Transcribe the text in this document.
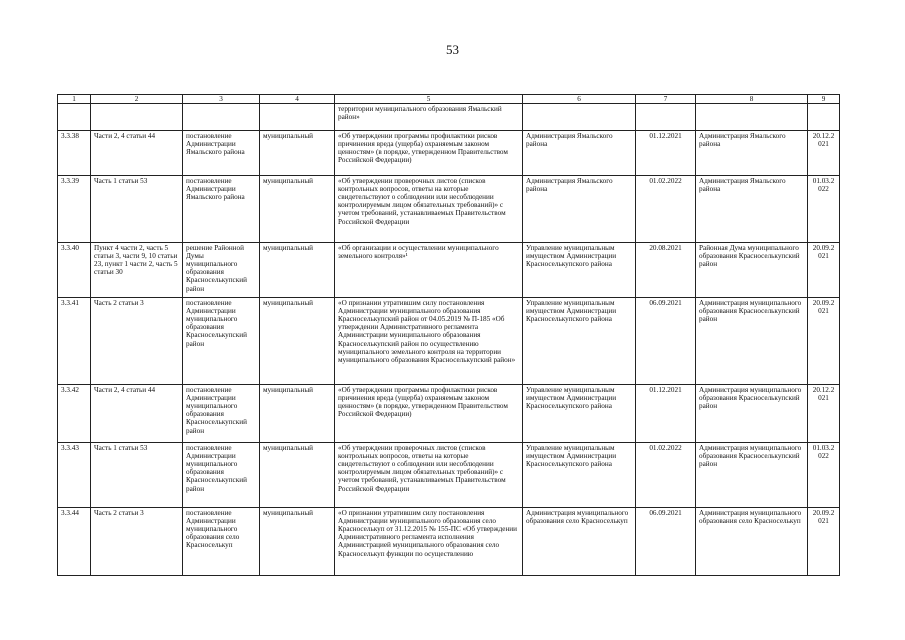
53
1	2	3	4	5	6	7	8	9
				территории муниципального образования Ямальский район»				
3.3.38	Части 2, 4 статьи 44	постановление Администрации Ямальского района	муниципальный	«Об утверждении программы профилактики рисков причинения вреда (ущерба) охраняемым законом ценностям» (в порядке, утвержденном Правительством Российской Федерации)	Администрация Ямальского района	01.12.2021	Администрация Ямальского района	20.12.2021
3.3.39	Часть 1 статьи 53	постановление Администрации Ямальского района	муниципальный	«Об утверждении проверочных листов (списков контрольных вопросов, ответы на которые свидетельствуют о соблюдении или несоблюдении контролируемым лицом обязательных требований)» с учетом требований, устанавливаемых Правительством Российской Федерации	Администрация Ямальского района	01.02.2022	Администрация Ямальского района	01.03.2022
3.3.40	Пункт 4 части 2, часть 5 статьи 3, части 9, 10 статьи 23, пункт 1 части 2, часть 5 статьи 30	решение Районной Думы муниципального образования Красноселькупский район	муниципальный	«Об организации и осуществлении муниципального земельного контроля»¹	Управление муниципальным имуществом Администрации Красноселькупского района	20.08.2021	Районная Дума муниципального образования Красноселькупский район	20.09.2021
3.3.41	Часть 2 статьи 3	постановление Администрации муниципального образования Красноселькупский район	муниципальный	«О признании утратившим силу постановления Администрации муниципального образования Красноселькупский район от 04.05.2019 № П-185 «Об утверждении Административного регламента Администрации муниципального образования Красноселькупский район по осуществлению муниципального земельного контроля на территории муниципального образования Красноселькупский район»	Управление муниципальным имуществом Администрации Красноселькупского района	06.09.2021	Администрация муниципального образования Красноселькупский район	20.09.2021
3.3.42	Части 2, 4 статьи 44	постановление Администрации муниципального образования Красноселькупский район	муниципальный	«Об утверждении программы профилактики рисков причинения вреда (ущерба) охраняемым законом ценностям» (в порядке, утвержденном Правительством Российской Федерации)	Управление муниципальным имуществом Администрации Красноселькупского района	01.12.2021	Администрация муниципального образования Красноселькупский район	20.12.2021
3.3.43	Часть 1 статьи 53	постановление Администрации муниципального образования Красноселькупский район	муниципальный	«Об утверждении проверочных листов (списков контрольных вопросов, ответы на которые свидетельствуют о соблюдении или несоблюдении контролируемым лицом обязательных требований)» с учетом требований, устанавливаемых Правительством Российской Федерации	Управление муниципальным имуществом Администрации Красноселькупского района	01.02.2022	Администрация муниципального образования Красноселькупский район	01.03.2022
3.3.44	Часть 2 статьи 3	постановление Администрации муниципального образования село Красноселькуп	муниципальный	«О признании утратившим силу постановления Администрации муниципального образования село Красноселькуп от 31.12.2015 № 155-ПС «Об утверждении Административного регламента исполнения Администрацией муниципального образования село Красноселькуп функции по осуществлению	Администрация муниципального образования село Красноселькуп	06.09.2021	Администрация муниципального образования село Красноселькуп	20.09.2021
